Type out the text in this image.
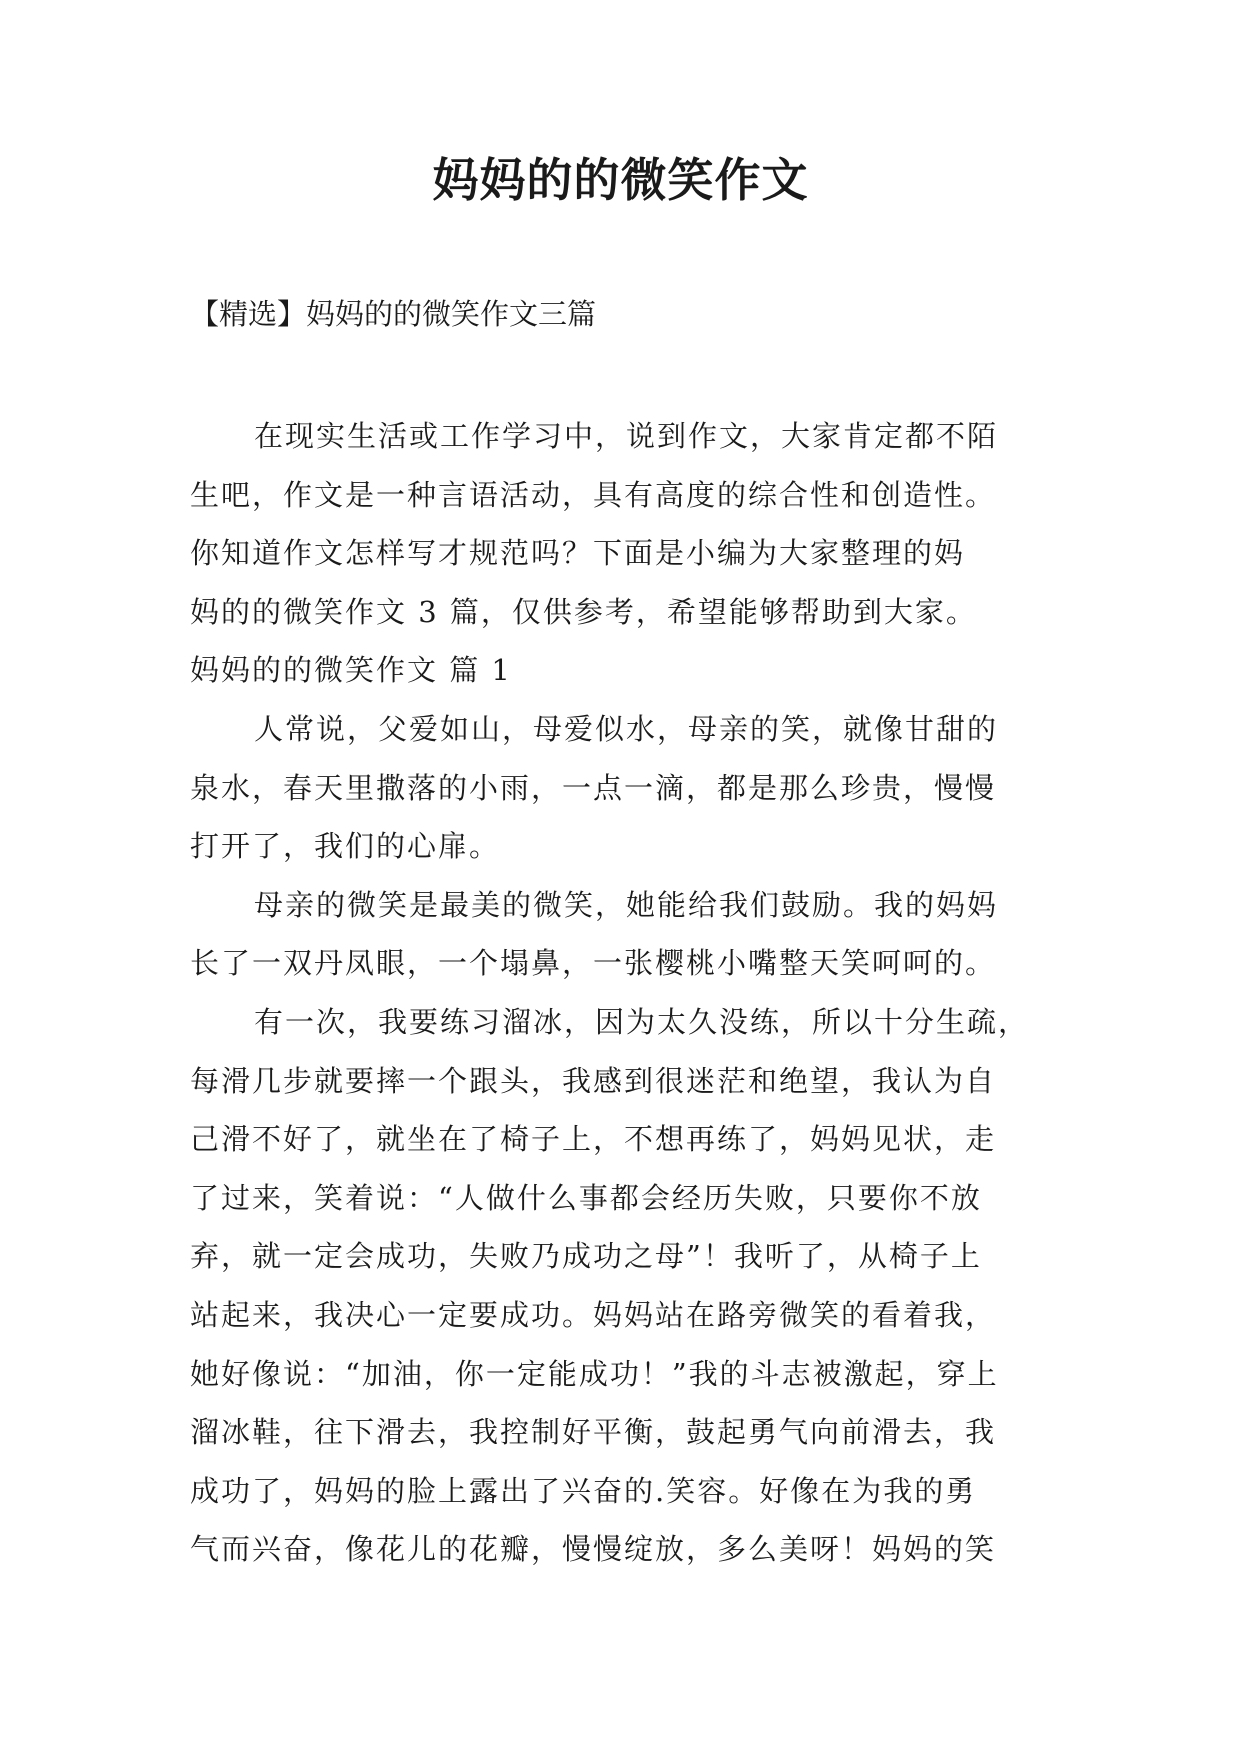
妈妈的的微笑作文

【精选】妈妈的的微笑作文三篇

在现实生活或工作学习中，说到作文，大家肯定都不陌

生吧，作文是一种言语活动，具有高度的综合性和创造性。

你知道作文怎样写才规范吗？下面是小编为大家整理的妈

妈的的微笑作文 3 篇，仅供参考，希望能够帮助到大家。

妈妈的的微笑作文 篇 1

人常说，父爱如山，母爱似水，母亲的笑，就像甘甜的

泉水，春天里撒落的小雨，一点一滴，都是那么珍贵，慢慢

打开了，我们的心扉。

母亲的微笑是最美的微笑，她能给我们鼓励。我的妈妈

长了一双丹凤眼，一个塌鼻，一张樱桃小嘴整天笑呵呵的。

有一次，我要练习溜冰，因为太久没练，所以十分生疏，

每滑几步就要摔一个跟头，我感到很迷茫和绝望，我认为自

己滑不好了，就坐在了椅子上，不想再练了，妈妈见状，走

了过来，笑着说：“人做什么事都会经历失败，只要你不放

弃，就一定会成功，失败乃成功之母”！我听了，从椅子上

站起来，我决心一定要成功。妈妈站在路旁微笑的看着我，

她好像说：“加油，你一定能成功！”我的斗志被激起，穿上

溜冰鞋，往下滑去，我控制好平衡，鼓起勇气向前滑去，我

成功了，妈妈的脸上露出了兴奋的.笑容。好像在为我的勇

气而兴奋，像花儿的花瓣，慢慢绽放，多么美呀！妈妈的笑
